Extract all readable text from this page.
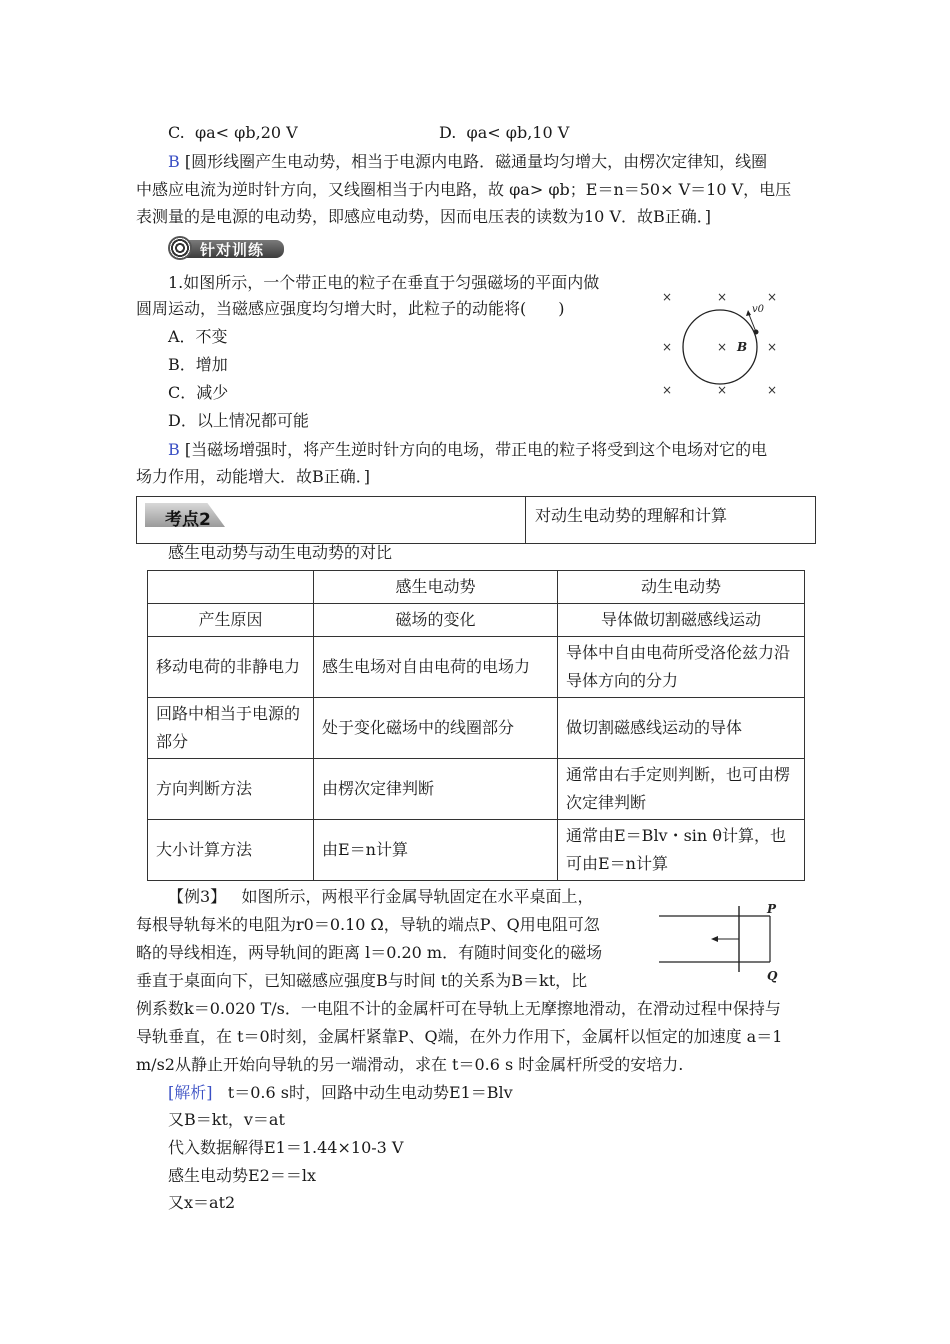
C. φa< φb,20 V	D. φa< φb,10 V
B [圆形线圈产生电动势，相当于电源内电路．磁通量均匀增大，由楞次定律知，线圈
中感应电流为逆时针方向，又线圈相当于内电路，故 φa> φb；E＝n＝50× V＝10 V，电压
表测量的是电源的电动势，即感应电动势，因而电压表的读数为10 V．故B正确．]
针对训练
1.如图所示，一个带正电的粒子在垂直于匀强磁场的平面内做
圆周运动，当磁感应强度均匀增大时，此粒子的动能将(　　)
A．不变
B．增加
C．减少
D．以上情况都可能
×	×	×
×	×	×
×	×	×
v0
B
B [当磁场增强时，将产生逆时针方向的电场，带正电的粒子将受到这个电场对它的电
场力作用，动能增大．故B正确．]
考点2	对动生电动势的理解和计算
感生电动势与动生电动势的对比
	感生电动势	动生电动势
产生原因	磁场的变化	导体做切割磁感线运动
移动电荷的非静电力	感生电场对自由电荷的电场力	导体中自由电荷所受洛伦兹力沿导体方向的分力
回路中相当于电源的部分	处于变化磁场中的线圈部分	做切割磁感线运动的导体
方向判断方法	由楞次定律判断	通常由右手定则判断，也可由楞次定律判断
大小计算方法	由E＝n计算	通常由E＝Blv・sin θ计算，也可由E＝n计算
【例3】 如图所示，两根平行金属导轨固定在水平桌面上，
每根导轨每米的电阻为r0＝0.10 Ω，导轨的端点P、Q用电阻可忽
略的导线相连，两导轨间的距离 l＝0.20 m．有随时间变化的磁场
垂直于桌面向下，已知磁感应强度B与时间 t的关系为B＝kt，比
例系数k＝0.020 T/s．一电阻不计的金属杆可在导轨上无摩擦地滑动，在滑动过程中保持与
导轨垂直，在 t＝0时刻，金属杆紧靠P、Q端，在外力作用下，金属杆以恒定的加速度 a＝1
m/s2从静止开始向导轨的另一端滑动，求在 t＝0.6 s 时金属杆所受的安培力.
P
Q
[解析] t＝0.6 s时，回路中动生电动势E1＝Blv
又B＝kt，v＝at
代入数据解得E1＝1.44×10-3 V
感生电动势E2＝＝lx
又x＝at2
